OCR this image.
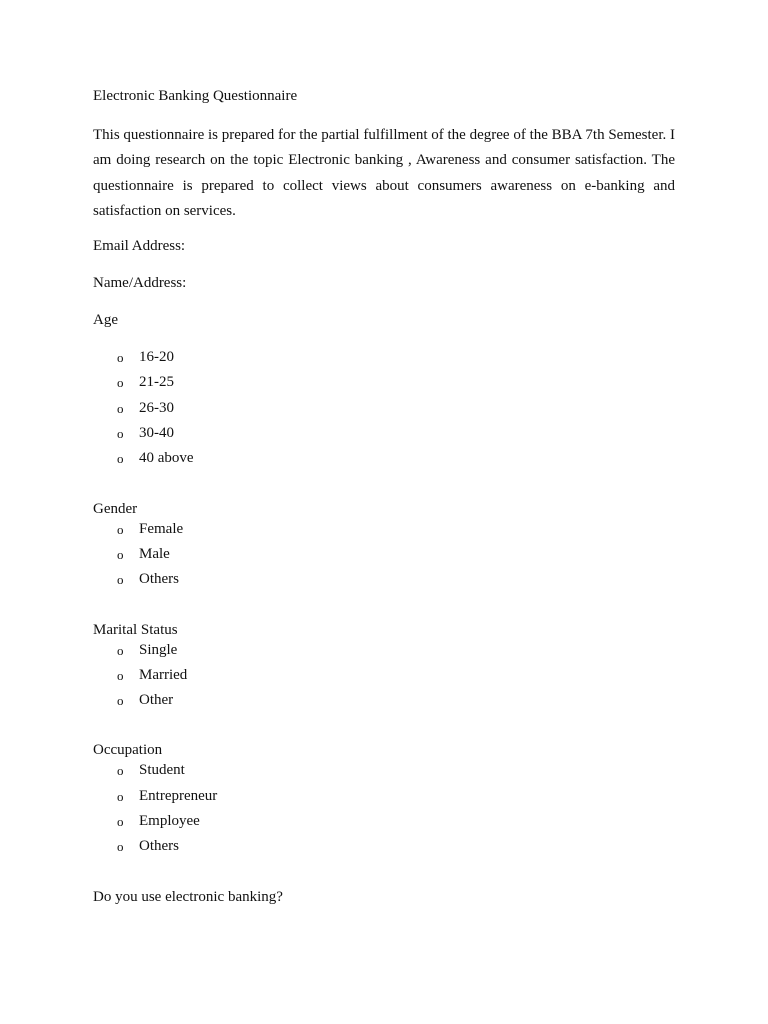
Electronic Banking Questionnaire

This questionnaire is prepared for the partial fulfillment of the degree of the BBA 7th Semester. I am doing research on the topic Electronic banking , Awareness and consumer satisfaction. The questionnaire is prepared to collect views about consumers awareness on e-banking and satisfaction on services.

Email Address:

Name/Address:

Age

o 16-20
o 21-25
o 26-30
o 30-40
o 40 above

Gender

o Female
o Male
o Others

Marital Status

o Single
o Married
o Other

Occupation

o Student
o Entrepreneur
o Employee
o Others

Do you use electronic banking?
